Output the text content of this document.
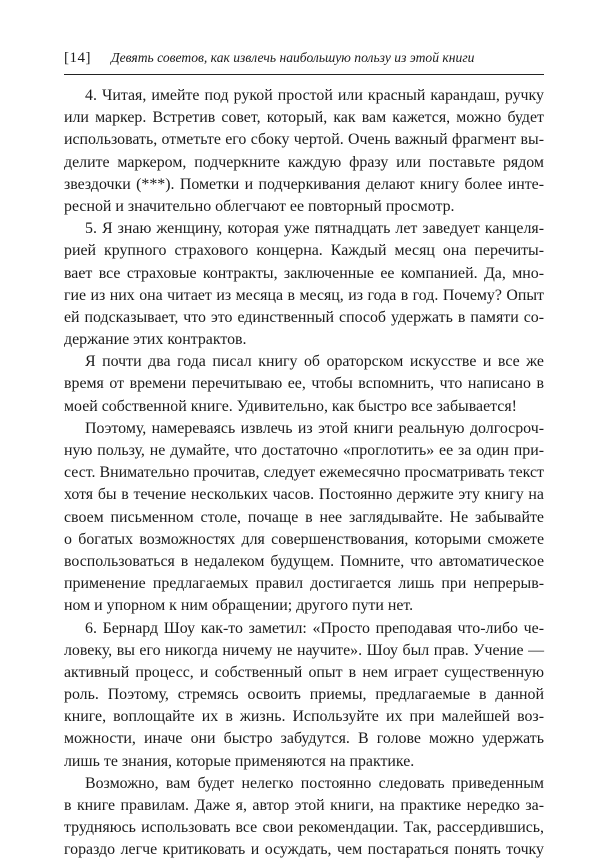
[14] Девять советов, как извлечь наибольшую пользу из этой книги
4. Читая, имейте под рукой простой или красный карандаш, ручку
или маркер. Встретив совет, который, как вам кажется, можно будет
использовать, отметьте его сбоку чертой. Очень важный фрагмент вы-
делите маркером, подчеркните каждую фразу или поставьте рядом
звездочки (***). Пометки и подчеркивания делают книгу более инте-
ресной и значительно облегчают ее повторный просмотр.
5. Я знаю женщину, которая уже пятнадцать лет заведует канцеля-
рией крупного страхового концерна. Каждый месяц она перечиты-
вает все страховые контракты, заключенные ее компанией. Да, мно-
гие из них она читает из месяца в месяц, из года в год. Почему? Опыт
ей подсказывает, что это единственный способ удержать в памяти со-
держание этих контрактов.
Я почти два года писал книгу об ораторском искусстве и все же
время от времени перечитываю ее, чтобы вспомнить, что написано в
моей собственной книге. Удивительно, как быстро все забывается!
Поэтому, намереваясь извлечь из этой книги реальную долгосроч-
ную пользу, не думайте, что достаточно «проглотить» ее за один при-
сест. Внимательно прочитав, следует ежемесячно просматривать текст
хотя бы в течение нескольких часов. Постоянно держите эту книгу на
своем письменном столе, почаще в нее заглядывайте. Не забывайте
о богатых возможностях для совершенствования, которыми сможете
воспользоваться в недалеком будущем. Помните, что автоматическое
применение предлагаемых правил достигается лишь при непрерыв-
ном и упорном к ним обращении; другого пути нет.
6. Бернард Шоу как-то заметил: «Просто преподавая что-либо че-
ловеку, вы его никогда ничему не научите». Шоу был прав. Учение —
активный процесс, и собственный опыт в нем играет существенную
роль. Поэтому, стремясь освоить приемы, предлагаемые в данной
книге, воплощайте их в жизнь. Используйте их при малейшей воз-
можности, иначе они быстро забудутся. В голове можно удержать
лишь те знания, которые применяются на практике.
Возможно, вам будет нелегко постоянно следовать приведенным
в книге правилам. Даже я, автор этой книги, на практике нередко за-
трудняюсь использовать все свои рекомендации. Так, рассердившись,
гораздо легче критиковать и осуждать, чем постараться понять точку
